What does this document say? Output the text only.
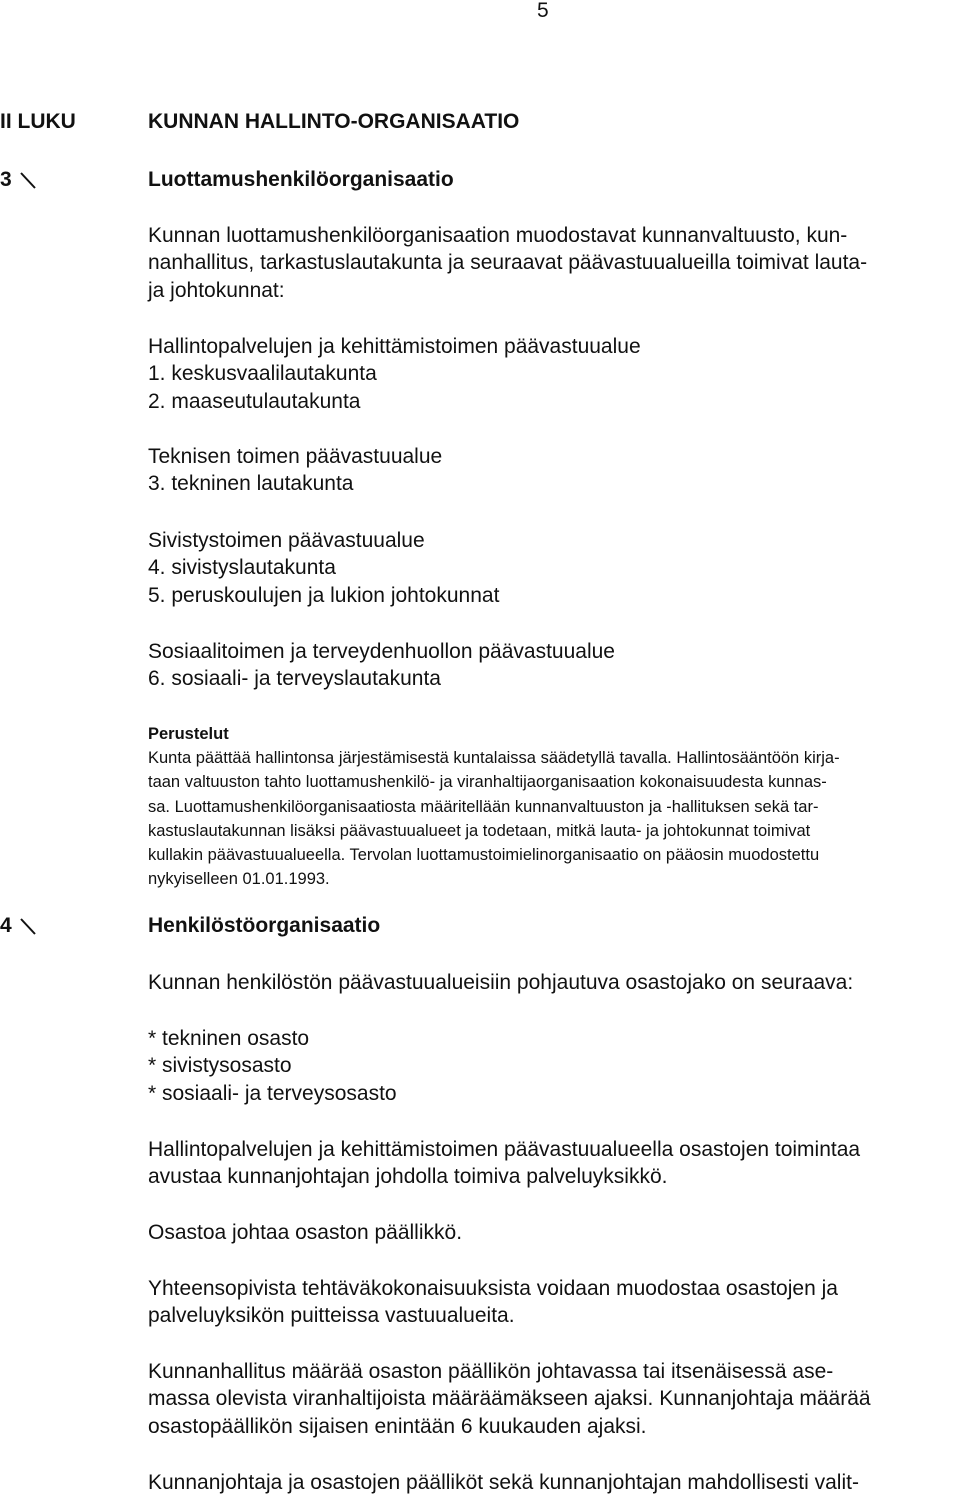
5
II LUKU	KUNNAN HALLINTO-ORGANISAATIO
3	Luottamushenkilöorganisaatio

Kunnan luottamushenkilöorganisaation muodostavat kunnanvaltuusto, kun-

nanhallitus, tarkastuslautakunta ja seuraavat päävastuualueilla toimivat lauta-

ja johtokunnat:

Hallintopalvelujen ja kehittämistoimen päävastuualue

1. keskusvaalilautakunta

2. maaseutulautakunta

Teknisen toimen päävastuualue

3. tekninen lautakunta

Sivistystoimen päävastuualue

4. sivistyslautakunta

5. peruskoulujen ja lukion johtokunnat

Sosiaalitoimen ja terveydenhuollon päävastuualue

6. sosiaali- ja terveyslautakunta

Perustelut

Kunta päättää hallintonsa järjestämisestä kuntalaissa säädetyllä tavalla. Hallintosääntöön kirja-

taan valtuuston tahto luottamushenkilö- ja viranhaltijaorganisaation kokonaisuudesta kunnas-

sa. Luottamushenkilöorganisaatiosta määritellään kunnanvaltuuston ja -hallituksen sekä tar-

kastuslautakunnan lisäksi päävastuualueet ja todetaan, mitkä lauta- ja johtokunnat toimivat

kullakin päävastuualueella. Tervolan luottamustoimielinorganisaatio on pääosin muodostettu

nykyiselleen 01.01.1993.

4	Henkilöstöorganisaatio

Kunnan henkilöstön päävastuualueisiin pohjautuva osastojako on seuraava:

* tekninen osasto

* sivistysosasto

* sosiaali- ja terveysosasto

Hallintopalvelujen ja kehittämistoimen päävastuualueella osastojen toimintaa

avustaa kunnanjohtajan johdolla toimiva palveluyksikkö.

Osastoa johtaa osaston päällikkö.

Yhteensopivista tehtäväkokonaisuuksista voidaan muodostaa osastojen ja

palveluyksikön puitteissa vastuualueita.

Kunnanhallitus määrää osaston päällikön johtavassa tai itsenäisessä ase-

massa olevista viranhaltijoista määräämäkseen ajaksi. Kunnanjohtaja määrää

osastopäällikön sijaisen enintään 6 kuukauden ajaksi.

Kunnanjohtaja ja osastojen päälliköt sekä kunnanjohtajan mahdollisesti valit-
